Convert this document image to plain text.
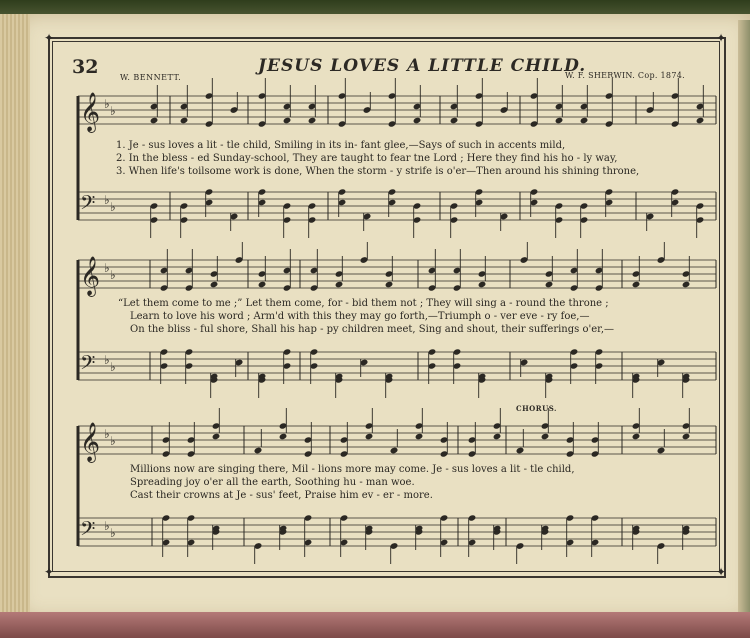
✦	✦
✦	✦
32	JESUS LOVES A LITTLE CHILD.
W. BENNETT.	W. F. SHERWIN. Cop. 1874.
CHORUS.
𝄞 ♭ ♭
𝄢 ♭ ♭
𝄞 ♭ ♭
𝄢 ♭ ♭
𝄞 ♭ ♭
𝄢 ♭ ♭
1. Je - sus loves a lit - tle child, Smiling in its in- fant glee,—Says of such in accents mild,
2. In the bless - ed Sunday-school, They are taught to fear tne Lord ; Here they find his ho - ly way,
3. When life's toilsome work is done, When the storm - y strife is o'er—Then around his shining throne,
“Let them come to me ;” Let them come, for - bid them not ; They will sing a - round the throne ;
Learn to love his word ; Arm'd with this they may go forth,—Triumph o - ver eve - ry foe,—
On the bliss - ful shore, Shall his hap - py children meet, Sing and shout, their sufferings o'er,—
Millions now are singing there, Mil - lions more may come. Je - sus loves a lit - tle child,
Spreading joy o'er all the earth, Soothing hu - man woe.
Cast their crowns at Je - sus' feet, Praise him ev - er - more.
